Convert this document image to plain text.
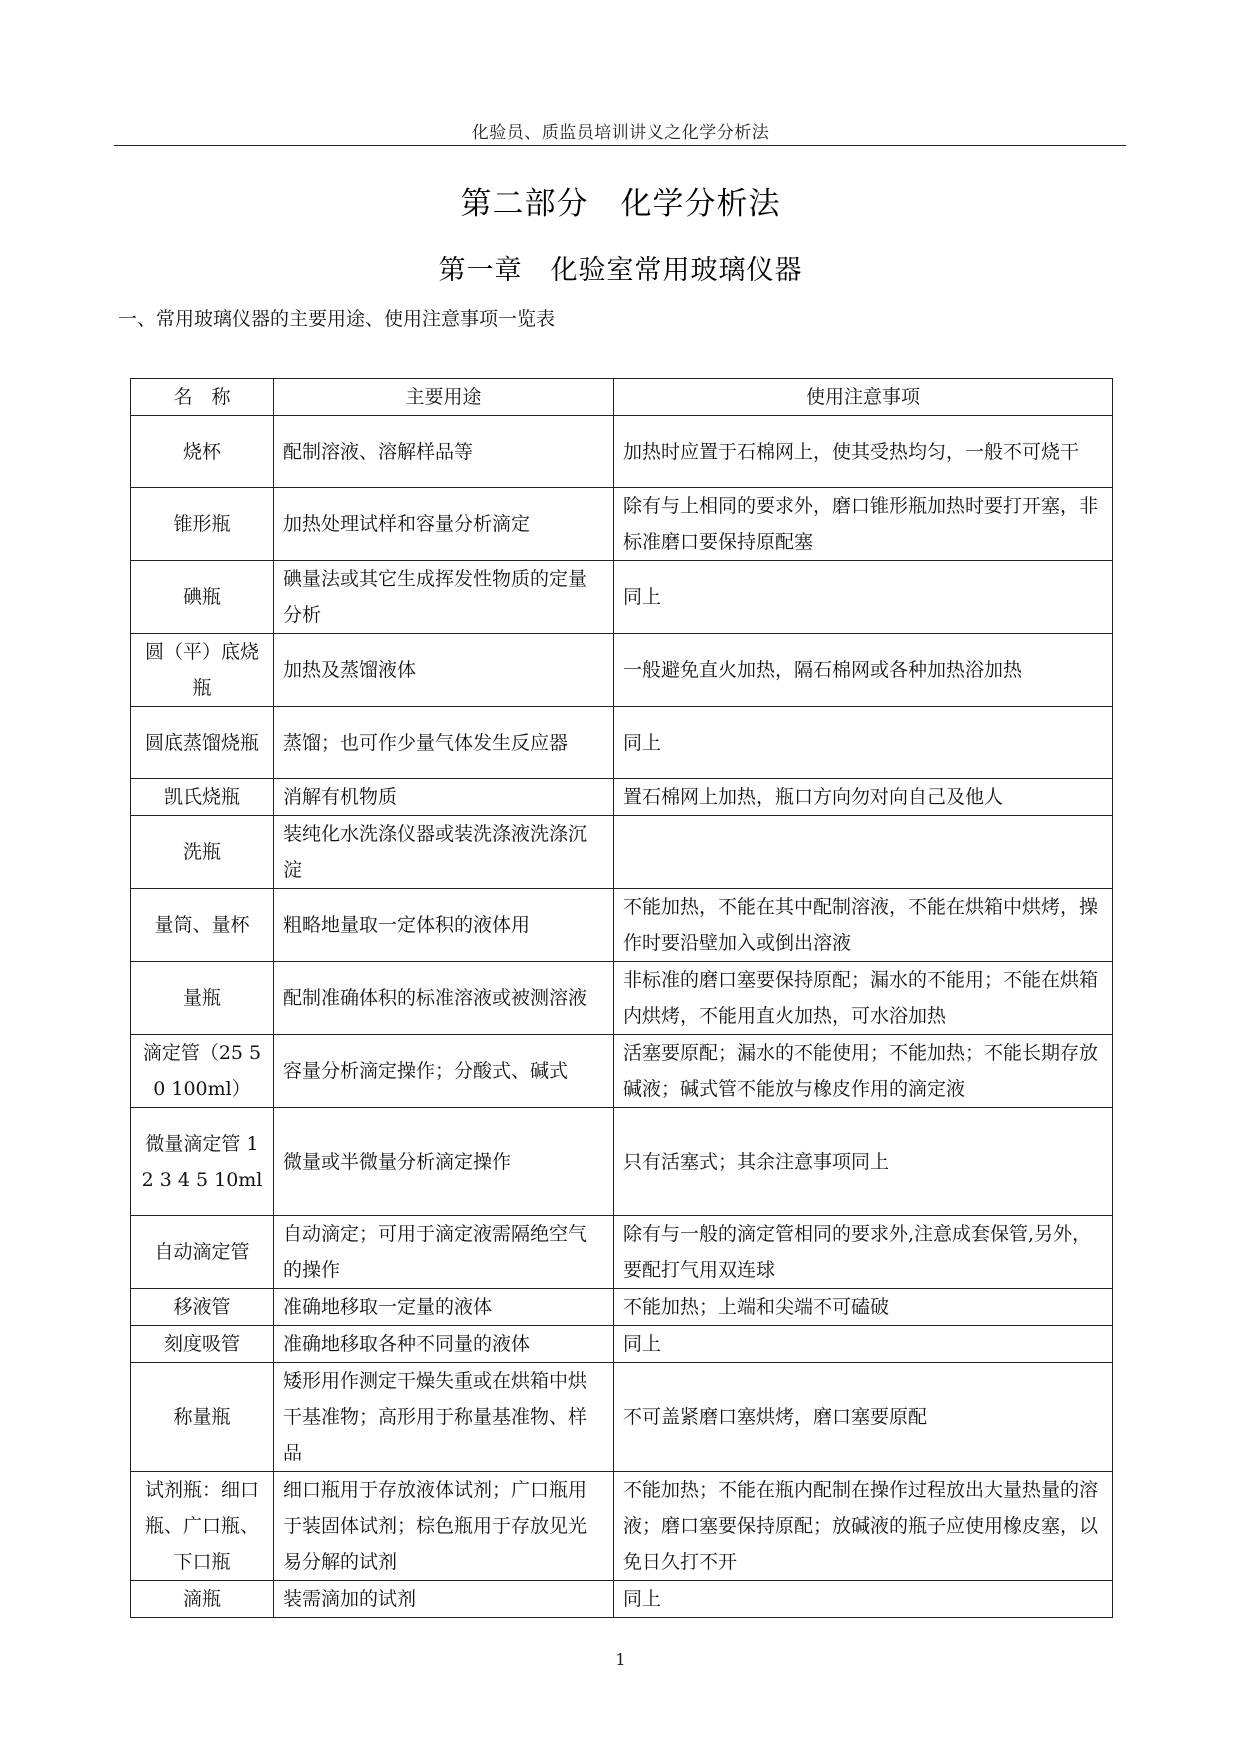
化验员、质监员培训讲义之化学分析法
第二部分　化学分析法
第一章　化验室常用玻璃仪器
一、常用玻璃仪器的主要用途、使用注意事项一览表
名　称	主要用途	使用注意事项
烧杯	配制溶液、溶解样品等	加热时应置于石棉网上，使其受热均匀，一般不可烧干
锥形瓶	加热处理试样和容量分析滴定	除有与上相同的要求外，磨口锥形瓶加热时要打开塞，非标准磨口要保持原配塞
碘瓶	碘量法或其它生成挥发性物质的定量分析	同上
圆（平）底烧瓶	加热及蒸馏液体	一般避免直火加热，隔石棉网或各种加热浴加热
圆底蒸馏烧瓶	蒸馏；也可作少量气体发生反应器	同上
凯氏烧瓶	消解有机物质	置石棉网上加热，瓶口方向勿对向自己及他人
洗瓶	装纯化水洗涤仪器或装洗涤液洗涤沉淀	
量筒、量杯	粗略地量取一定体积的液体用	不能加热，不能在其中配制溶液，不能在烘箱中烘烤，操作时要沿壁加入或倒出溶液
量瓶	配制准确体积的标准溶液或被测溶液	非标准的磨口塞要保持原配；漏水的不能用；不能在烘箱内烘烤，不能用直火加热，可水浴加热
滴定管（25 50 100ml）	容量分析滴定操作；分酸式、碱式	活塞要原配；漏水的不能使用；不能加热；不能长期存放碱液；碱式管不能放与橡皮作用的滴定液
微量滴定管 1 2 3 4 5 10ml	微量或半微量分析滴定操作	只有活塞式；其余注意事项同上
自动滴定管	自动滴定；可用于滴定液需隔绝空气的操作	除有与一般的滴定管相同的要求外,注意成套保管,另外，要配打气用双连球
移液管	准确地移取一定量的液体	不能加热；上端和尖端不可磕破
刻度吸管	准确地移取各种不同量的液体	同上
称量瓶	矮形用作测定干燥失重或在烘箱中烘干基准物；高形用于称量基准物、样品	不可盖紧磨口塞烘烤，磨口塞要原配
试剂瓶：细口瓶、广口瓶、下口瓶	细口瓶用于存放液体试剂；广口瓶用于装固体试剂；棕色瓶用于存放见光易分解的试剂	不能加热；不能在瓶内配制在操作过程放出大量热量的溶液；磨口塞要保持原配；放碱液的瓶子应使用橡皮塞，以免日久打不开
滴瓶	装需滴加的试剂	同上
1
